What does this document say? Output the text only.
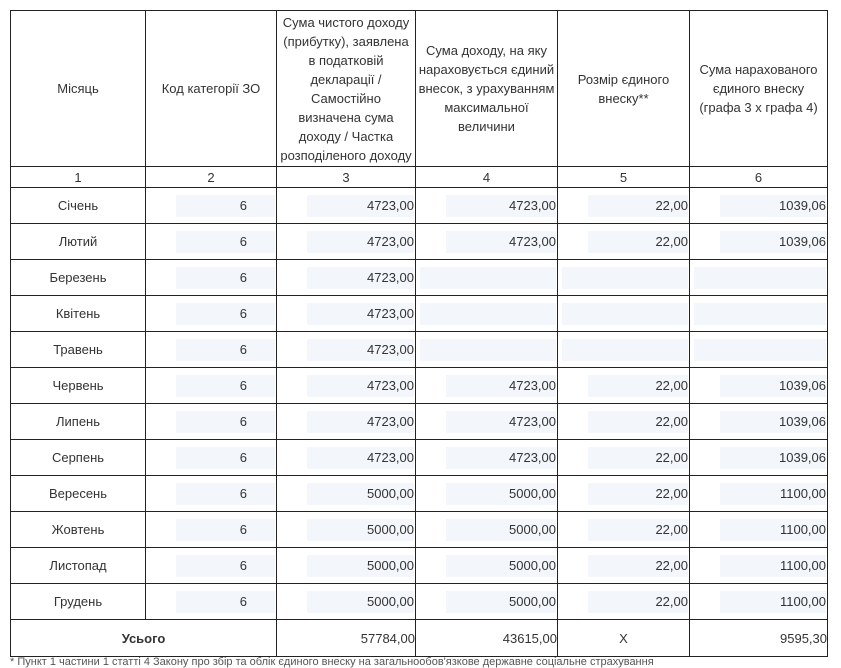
Місяць	Код категорії ЗО	Сума чистого доходу (прибутку), заявлена в податковій декларації / Самостійно визначена сума доходу / Частка розподіленого доходу	Сума доходу, на яку нараховується єдиний внесок, з урахуванням максимальної величини	Розмір єдиного внеску**	Сума нарахованого єдиного внеску (графа 3 х графа 4)
1	2	3	4	5	6
Січень	6	4723,00	4723,00	22,00	1039,06

Лютий	6	4723,00	4723,00	22,00	1039,06

Березень	6	4723,00			

Квітень	6	4723,00			

Травень	6	4723,00			

Червень	6	4723,00	4723,00	22,00	1039,06

Липень	6	4723,00	4723,00	22,00	1039,06

Серпень	6	4723,00	4723,00	22,00	1039,06

Вересень	6	5000,00	5000,00	22,00	1100,00

Жовтень	6	5000,00	5000,00	22,00	1100,00

Листопад	6	5000,00	5000,00	22,00	1100,00

Грудень	6	5000,00	5000,00	22,00	1100,00

Усього		57784,00	43615,00	Х	9595,30
* Пункт 1 частини 1 статті 4 Закону про збір та облік єдиного внеску на загальнообов'язкове державне соціальне страхування
